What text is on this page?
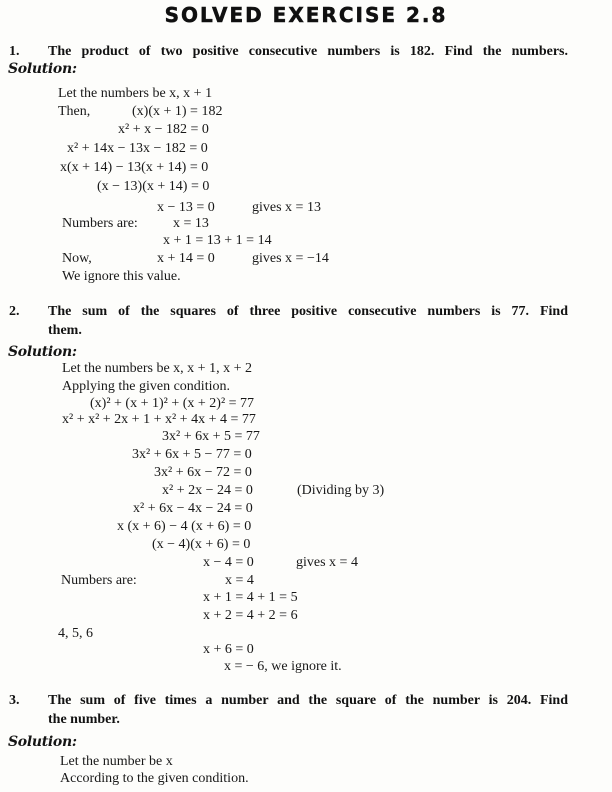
SOLVED EXERCISE 2.8
1. The product of two positive consecutive numbers is 182. Find the numbers.
Solution:
Let the numbers be x, x + 1
Then,	(x)(x + 1) = 182
x² + x − 182 = 0
x² + 14x − 13x − 182 = 0
x(x + 14) − 13(x + 14) = 0
(x − 13)(x + 14) = 0
x − 13 = 0	gives x = 13
Numbers are:	x = 13
x + 1 = 13 + 1 = 14
Now,	x + 14 = 0	gives x = −14
We ignore this value.
2. The sum of the squares of three positive consecutive numbers is 77. Find
them.
Solution:
Let the numbers be x, x + 1, x + 2
Applying the given condition.
(x)² + (x + 1)² + (x + 2)² = 77
x² + x² + 2x + 1 + x² + 4x + 4 = 77
3x² + 6x + 5 = 77
3x² + 6x + 5 − 77 = 0
3x² + 6x − 72 = 0
x² + 2x − 24 = 0	(Dividing by 3)
x² + 6x − 4x − 24 = 0
x (x + 6) − 4 (x + 6) = 0
(x − 4)(x + 6) = 0
x − 4 = 0	gives x = 4
Numbers are:	x = 4
x + 1 = 4 + 1 = 5
x + 2 = 4 + 2 = 6
4, 5, 6
x + 6 = 0
x = − 6, we ignore it.
3. The sum of five times a number and the square of the number is 204. Find
the number.
Solution:
Let the number be x
According to the given condition.
